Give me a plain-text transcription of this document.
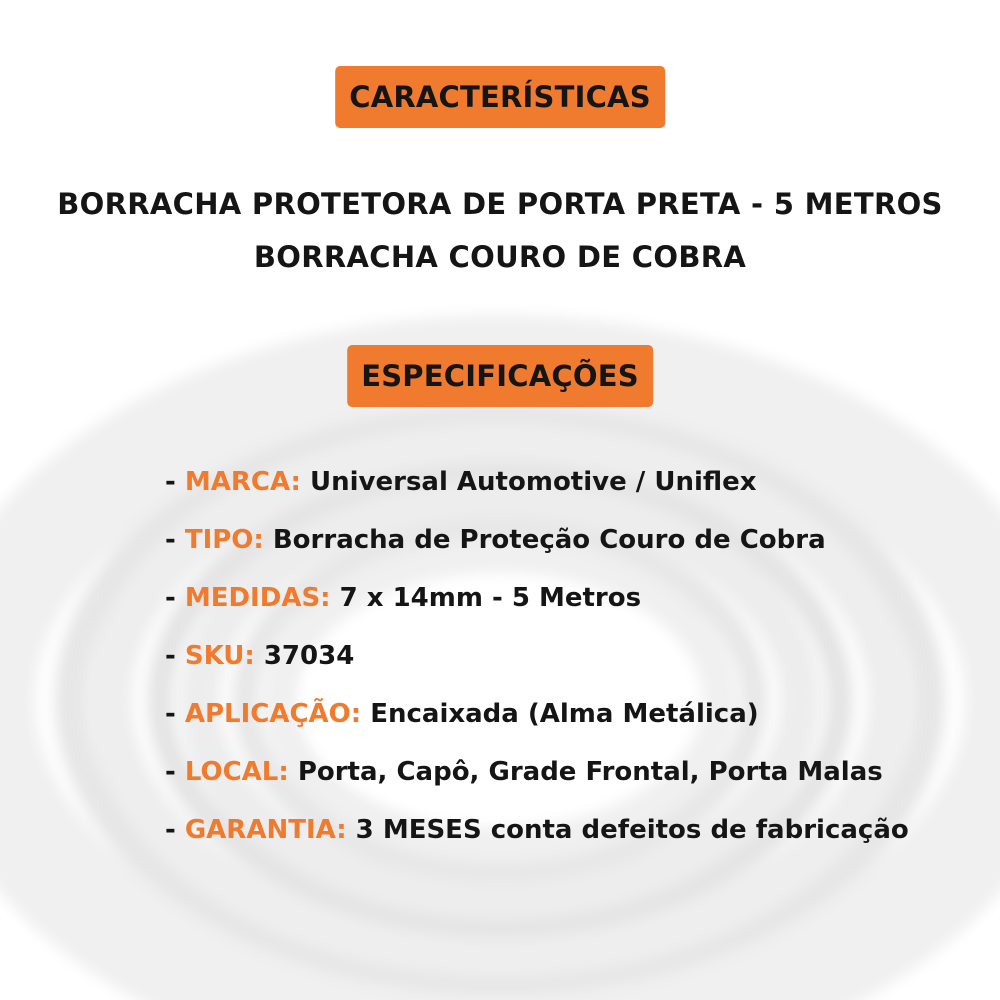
CARACTERÍSTICAS
BORRACHA PROTETORA DE PORTA PRETA - 5 METROS
BORRACHA COURO DE COBRA
ESPECIFICAÇÕES
- MARCA: Universal Automotive / Uniflex
- TIPO: Borracha de Proteção Couro de Cobra
- MEDIDAS: 7 x 14mm - 5 Metros
- SKU: 37034
- APLICAÇÃO: Encaixada (Alma Metálica)
- LOCAL: Porta, Capô, Grade Frontal, Porta Malas
- GARANTIA: 3 MESES conta defeitos de fabricação
